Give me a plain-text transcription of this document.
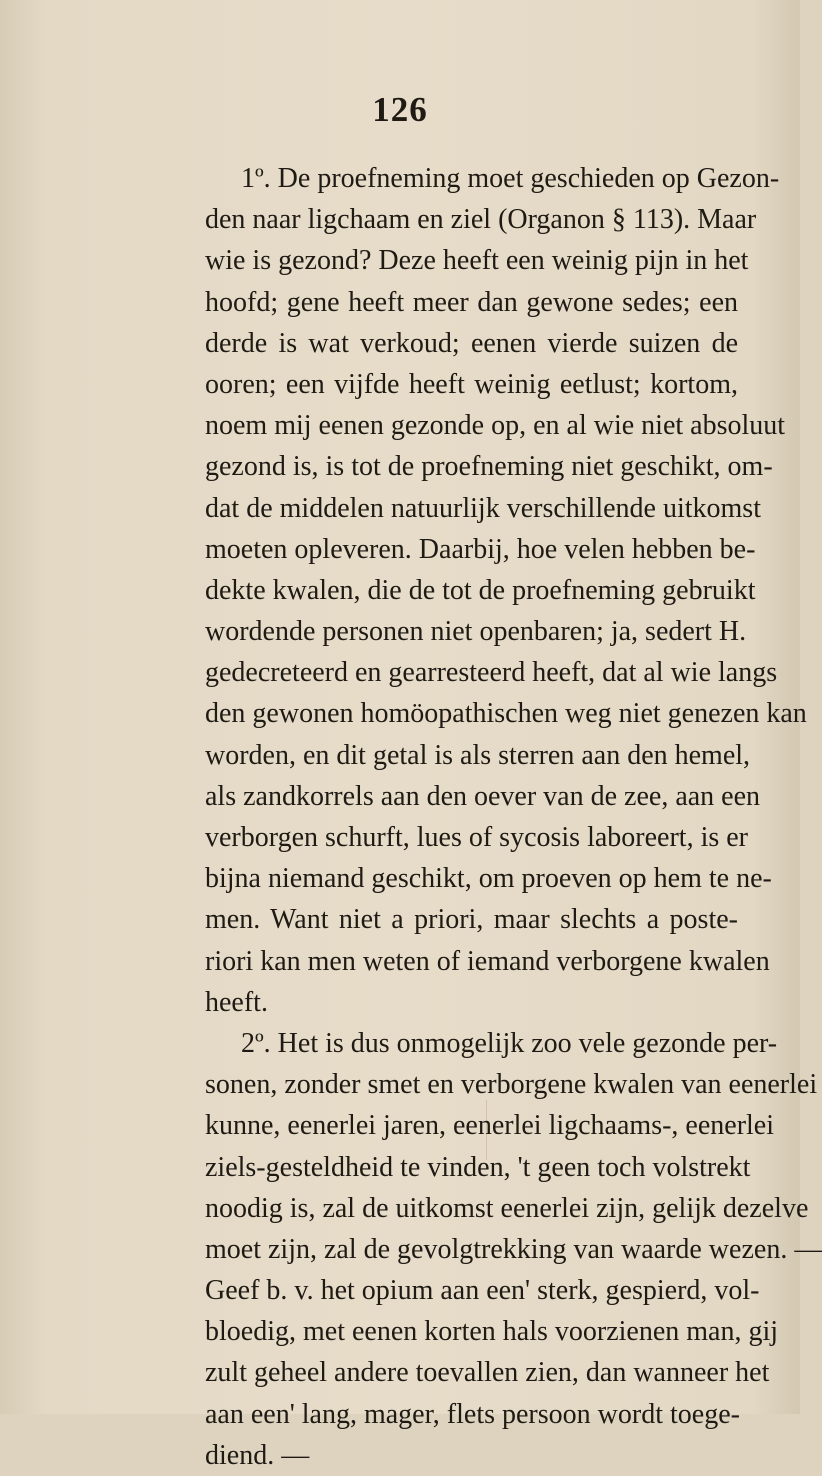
126
1º. De proefneming moet geschieden op Gezon-
den naar ligchaam en ziel (Organon § 113). Maar
wie is gezond? Deze heeft een weinig pijn in het
hoofd; gene heeft meer dan gewone sedes; een
derde is wat verkoud; eenen vierde suizen de
ooren; een vijfde heeft weinig eetlust; kortom,
noem mij eenen gezonde op, en al wie niet absoluut
gezond is, is tot de proefneming niet geschikt, om-
dat de middelen natuurlijk verschillende uitkomst
moeten opleveren. Daarbij, hoe velen hebben be-
dekte kwalen, die de tot de proefneming gebruikt
wordende personen niet openbaren; ja, sedert H.
gedecreteerd en gearresteerd heeft, dat al wie langs
den gewonen homöopathischen weg niet genezen kan
worden, en dit getal is als sterren aan den hemel,
als zandkorrels aan den oever van de zee, aan een
verborgen schurft, lues of sycosis laboreert, is er
bijna niemand geschikt, om proeven op hem te ne-
men. Want niet a priori, maar slechts a poste-
riori kan men weten of iemand verborgene kwalen
heeft.
2º. Het is dus onmogelijk zoo vele gezonde per-
sonen, zonder smet en verborgene kwalen van eenerlei
kunne, eenerlei jaren, eenerlei ligchaams-, eenerlei
ziels-gesteldheid te vinden, 't geen toch volstrekt
noodig is, zal de uitkomst eenerlei zijn, gelijk dezelve
moet zijn, zal de gevolgtrekking van waarde wezen. —
Geef b. v. het opium aan een' sterk, gespierd, vol-
bloedig, met eenen korten hals voorzienen man, gij
zult geheel andere toevallen zien, dan wanneer het
aan een' lang, mager, flets persoon wordt toege-
diend. —
